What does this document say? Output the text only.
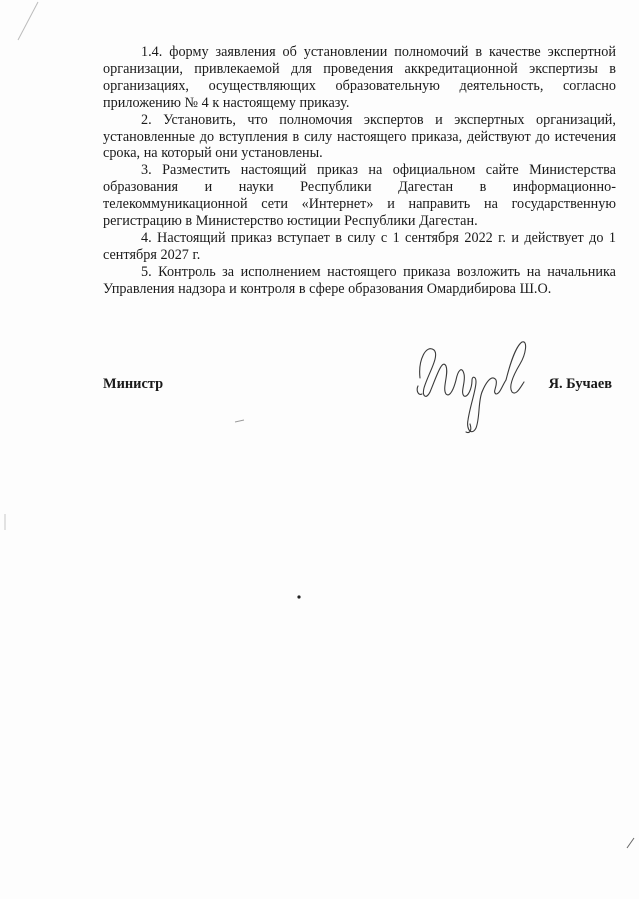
1.4. форму заявления об установлении полномочий в качестве экспертной организации, привлекаемой для проведения аккредитационной экспертизы в организациях, осуществляющих образовательную деятельность, согласно приложению № 4 к настоящему приказу.

2. Установить, что полномочия экспертов и экспертных организаций, установленные до вступления в силу настоящего приказа, действуют до истечения срока, на который они установлены.

3. Разместить настоящий приказ на официальном сайте Министерства образования и науки Республики Дагестан в информационно-телекоммуникационной сети «Интернет» и направить на государственную регистрацию в Министерство юстиции Республики Дагестан.

4. Настоящий приказ вступает в силу с 1 сентября 2022 г. и действует до 1 сентября 2027 г.

5. Контроль за исполнением настоящего приказа возложить на начальника Управления надзора и контроля в сфере образования Омардибирова Ш.О.

Министр	Я. Бучаев
